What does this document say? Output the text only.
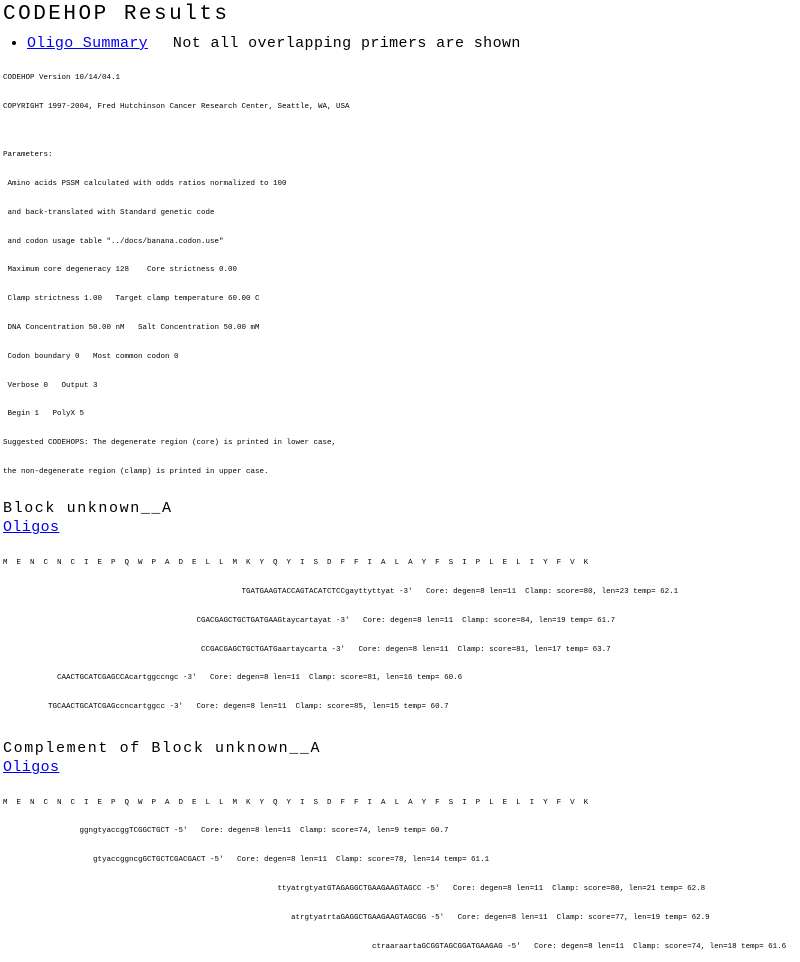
CODEHOP Results
• Oligo Summary Not all overlapping primers are shown

CODEHOP Version 10/14/04.1

COPYRIGHT 1997-2004, Fred Hutchinson Cancer Research Center, Seattle, WA, USA

Parameters:

Amino acids PSSM calculated with odds ratios normalized to 100

and back-translated with Standard genetic code

and codon usage table "../docs/banana.codon.use"

Maximum core degeneracy 128    Core strictness 0.00

Clamp strictness 1.00   Target clamp temperature 60.00 C

DNA Concentration 50.00 nM   Salt Concentration 50.00 mM

Codon boundary 0   Most common codon 0

Verbose 0   Output 3

Begin 1   PolyX 5

Suggested CODEHOPS: The degenerate region (core) is printed in lower case,

the non-degenerate region (clamp) is printed in upper case.

Block unknown__A
Oligos

M  E  N  C  N  C  I  E  P  Q  W  P  A  D  E  L  L  M  K  Y  Q  Y  I  S  D  F  F  I  A  L  A  Y  F  S  I  P  L  E  L  I  Y  F  V  K

TGATGAAGTACCAGTACATCTCCgayttyttyat -3'   Core: degen=8 len=11  Clamp: score=80, len=23 temp= 62.1

CGACGAGCTGCTGATGAAGtaycartayat -3'   Core: degen=8 len=11  Clamp: score=84, len=19 temp= 61.7

CCGACGAGCTGCTGATGaartaycarta -3'   Core: degen=8 len=11  Clamp: score=81, len=17 temp= 63.7

CAACTGCATCGAGCCAcartggccngc -3'   Core: degen=8 len=11  Clamp: score=81, len=16 temp= 60.6

TGCAACTGCATCGAGccncartggcc -3'   Core: degen=8 len=11  Clamp: score=85, len=15 temp= 60.7

Complement of Block unknown__A
Oligos

M  E  N  C  N  C  I  E  P  Q  W  P  A  D  E  L  L  M  K  Y  Q  Y  I  S  D  F  F  I  A  L  A  Y  F  S  I  P  L  E  L  I  Y  F  V  K

ggngtyaccggTCGGCTGCT -5'   Core: degen=8 len=11  Clamp: score=74, len=9 temp= 60.7

gtyaccggncgGCTGCTCGACGACT -5'   Core: degen=8 len=11  Clamp: score=78, len=14 temp= 61.1

ttyatrgtyatGTAGAGGCTGAAGAAGTAGCC -5'   Core: degen=8 len=11  Clamp: score=80, len=21 temp= 62.8

atrgtyatrtaGAGGCTGAAGAAGTAGCGG -5'   Core: degen=8 len=11  Clamp: score=77, len=19 temp= 62.9

ctraaraartaGCGGTAGCGGATGAAGAG -5'   Core: degen=8 len=11  Clamp: score=74, len=18 temp= 61.6
